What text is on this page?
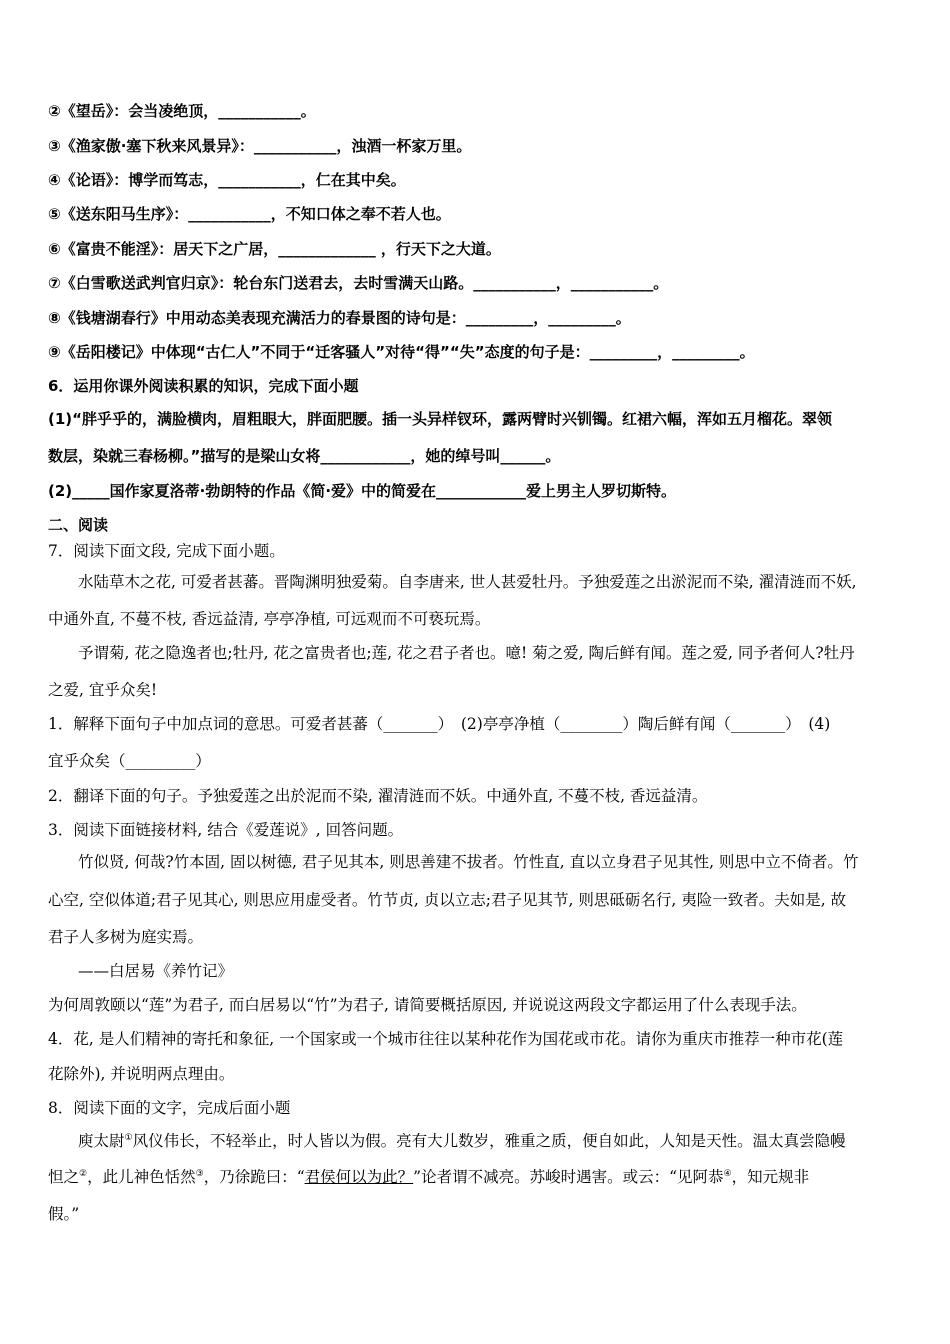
②《望岳》：会当凌绝顶，___________。
③《渔家傲·塞下秋来风景异》：___________，浊酒一杯家万里。
④《论语》：博学而笃志，___________，仁在其中矣。
⑤《送东阳马生序》：___________，不知口体之奉不若人也。
⑥《富贵不能淫》：居天下之广居，_____________ ，行天下之大道。
⑦《白雪歌送武判官归京》：轮台东门送君去，去时雪满天山路。___________，___________。
⑧《钱塘湖春行》中用动态美表现充满活力的春景图的诗句是：_________，_________。
⑨《岳阳楼记》中体现“古仁人”不同于“迁客骚人”对待“得”“失”态度的句子是：_________，_________。
6．运用你课外阅读积累的知识，完成下面小题
(1)“胖乎乎的，满脸横肉，眉粗眼大，胖面肥腰。插一头异样钗环，露两臂时兴钏镯。红裙六幅，浑如五月榴花。翠领
数层，染就三春杨柳。”描写的是梁山女将____________，她的绰号叫______。
(2)_____国作家夏洛蒂·勃朗特的作品《简·爱》中的简爱在____________爱上男主人罗切斯特。
二、阅读
7．阅读下面文段, 完成下面小题。
水陆草木之花, 可爱者甚蕃。晋陶渊明独爱菊。自李唐来, 世人甚爱牡丹。予独爱莲之出淤泥而不染, 濯清涟而不妖,
中通外直, 不蔓不枝, 香远益清, 亭亭净植, 可远观而不可亵玩焉。
予谓菊, 花之隐逸者也;牡丹, 花之富贵者也;莲, 花之君子者也。噫! 菊之爱, 陶后鲜有闻。莲之爱, 同予者何人?牡丹
之爱, 宜乎众矣!
1．解释下面句子中加点词的意思。可爱者甚蕃（_______）　(2)亭亭净植（________）陶后鲜有闻（_______）　(4)
宜乎众矣（_________）
2．翻译下面的句子。予独爱莲之出於泥而不染, 濯清涟而不妖。中通外直, 不蔓不枝, 香远益清。
3．阅读下面链接材料, 结合《爱莲说》, 回答问题。
竹似贤, 何哉?竹本固, 固以树德, 君子见其本, 则思善建不拔者。竹性直, 直以立身君子见其性, 则思中立不倚者。竹
心空, 空似体道;君子见其心, 则思应用虚受者。竹节贞, 贞以立志;君子见其节, 则思砥砺名行, 夷险一致者。夫如是, 故
君子人多树为庭实焉。
——白居易《养竹记》
为何周敦颐以“莲”为君子, 而白居易以“竹”为君子, 请简要概括原因, 并说说这两段文字都运用了什么表现手法。
4．花, 是人们精神的寄托和象征, 一个国家或一个城市往往以某种花作为国花或市花。请你为重庆市推荐一种市花(莲
花除外), 并说明两点理由。
8．阅读下面的文字，完成后面小题
庾太尉①风仪伟长，不轻举止，时人皆以为假。亮有大儿数岁，雅重之质，便自如此，人知是天性。温太真尝隐幔
怛之②，此儿神色恬然③，乃徐跪曰：“君侯何以为此？”论者谓不减亮。苏峻时遇害。或云：“见阿恭④，知元规非
假。”
